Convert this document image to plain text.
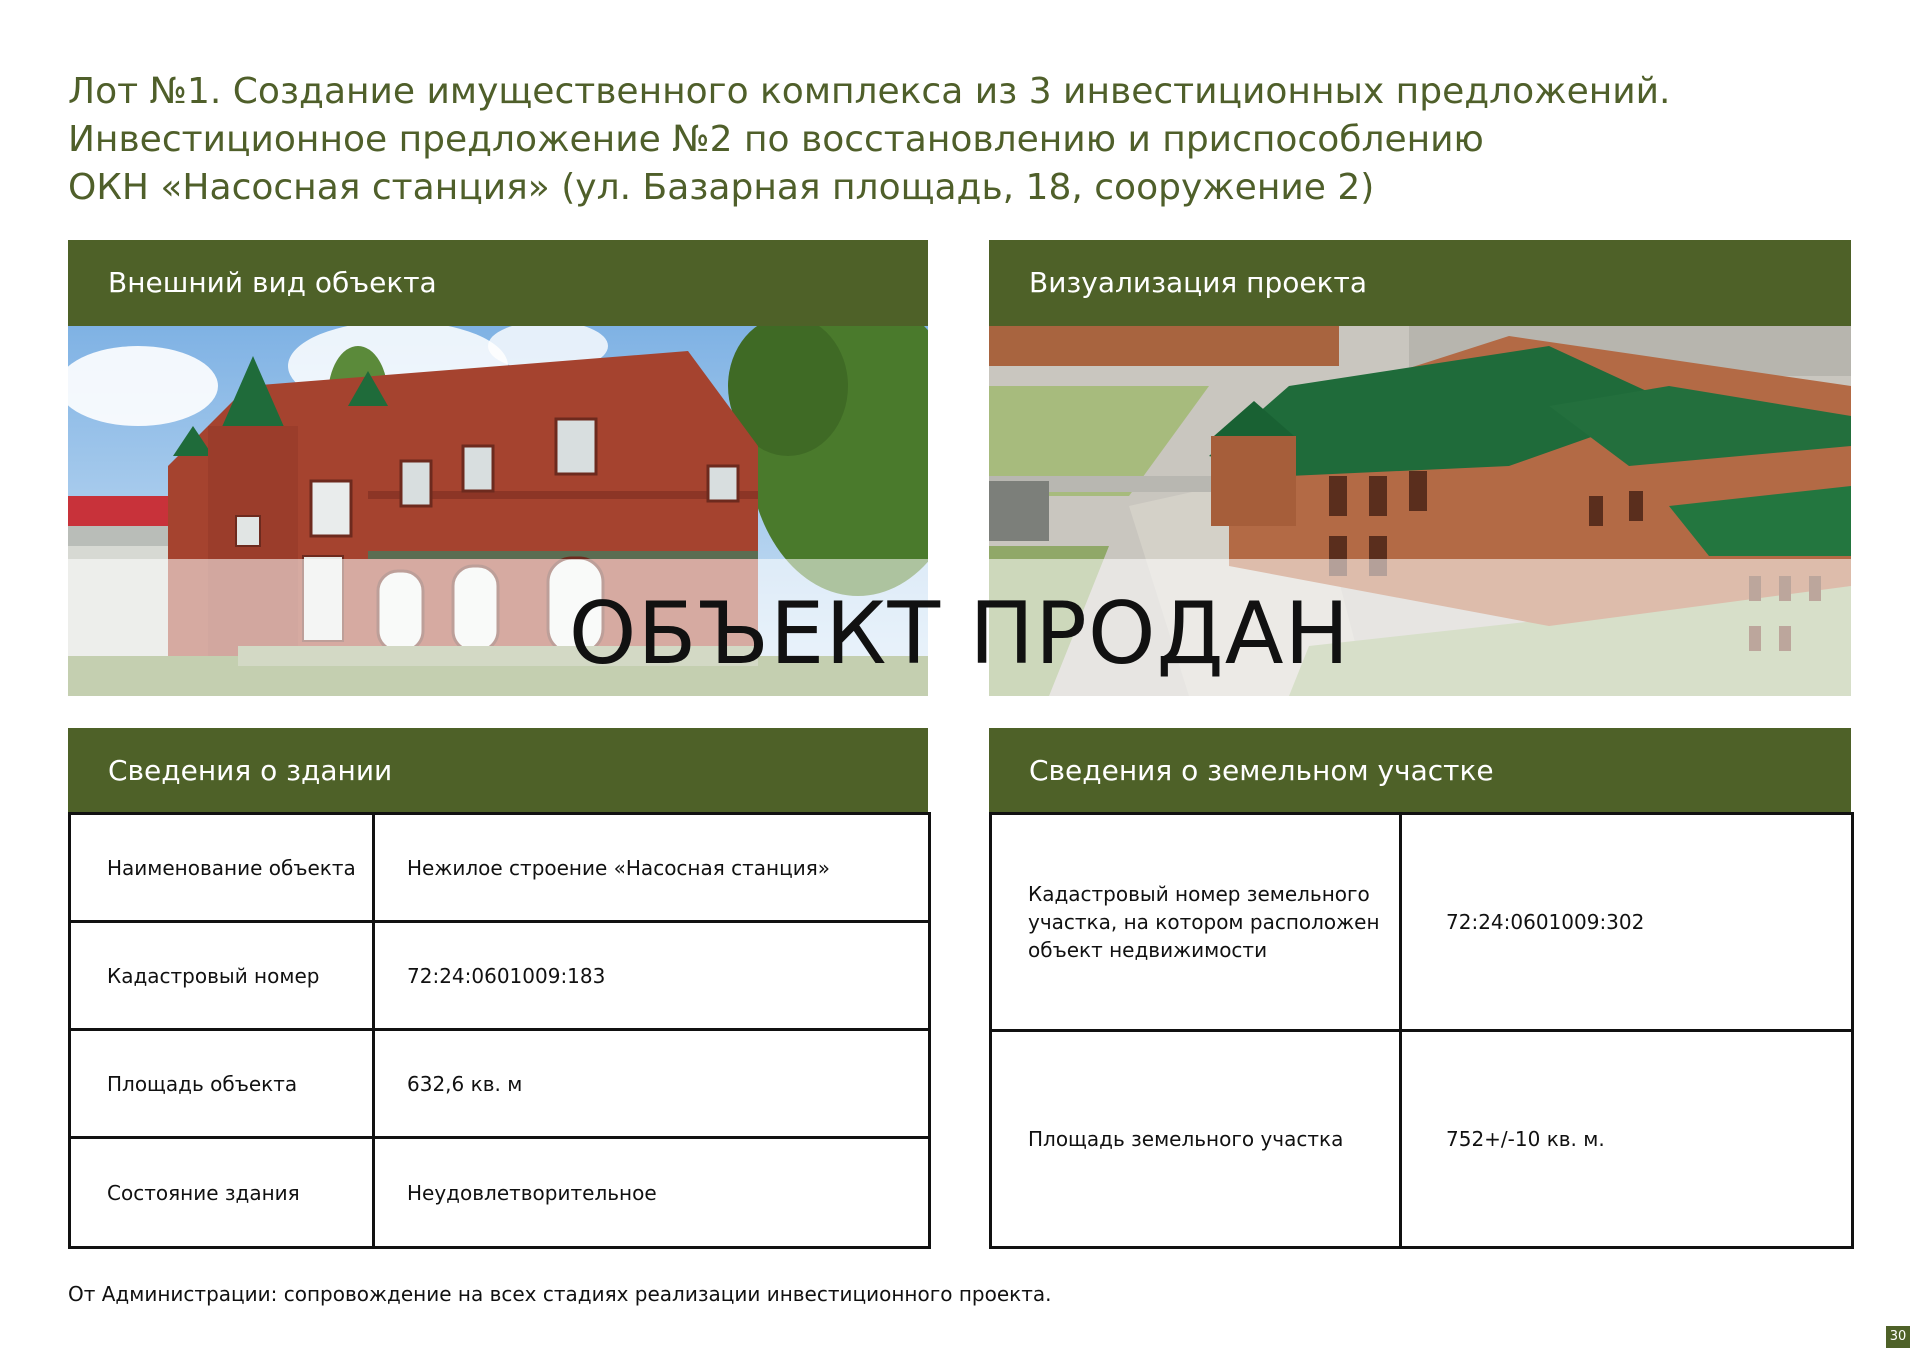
Лот №1. Создание имущественного комплекса из 3 инвестиционных предложений.
Инвестиционное предложение №2 по восстановлению и приспособлению
ОКН «Насосная станция» (ул. Базарная площадь, 18, сооружение 2)
Внешний вид объекта	Визуализация проекта
ОБЪЕКТ ПРОДАН
Сведения о здании
Наименование объекта	Нежилое строение «Насосная станция»
Кадастровый номер	72:24:0601009:183
Площадь объекта	632,6 кв. м
Состояние здания	Неудовлетворительное
Сведения о земельном участке
Кадастровый номер земельного
участка, на котором расположен
объект недвижимости	72:24:0601009:302
Площадь земельного участка	752+/-10 кв. м.
От Администрации: сопровождение на всех стадиях реализации инвестиционного проекта.
30
